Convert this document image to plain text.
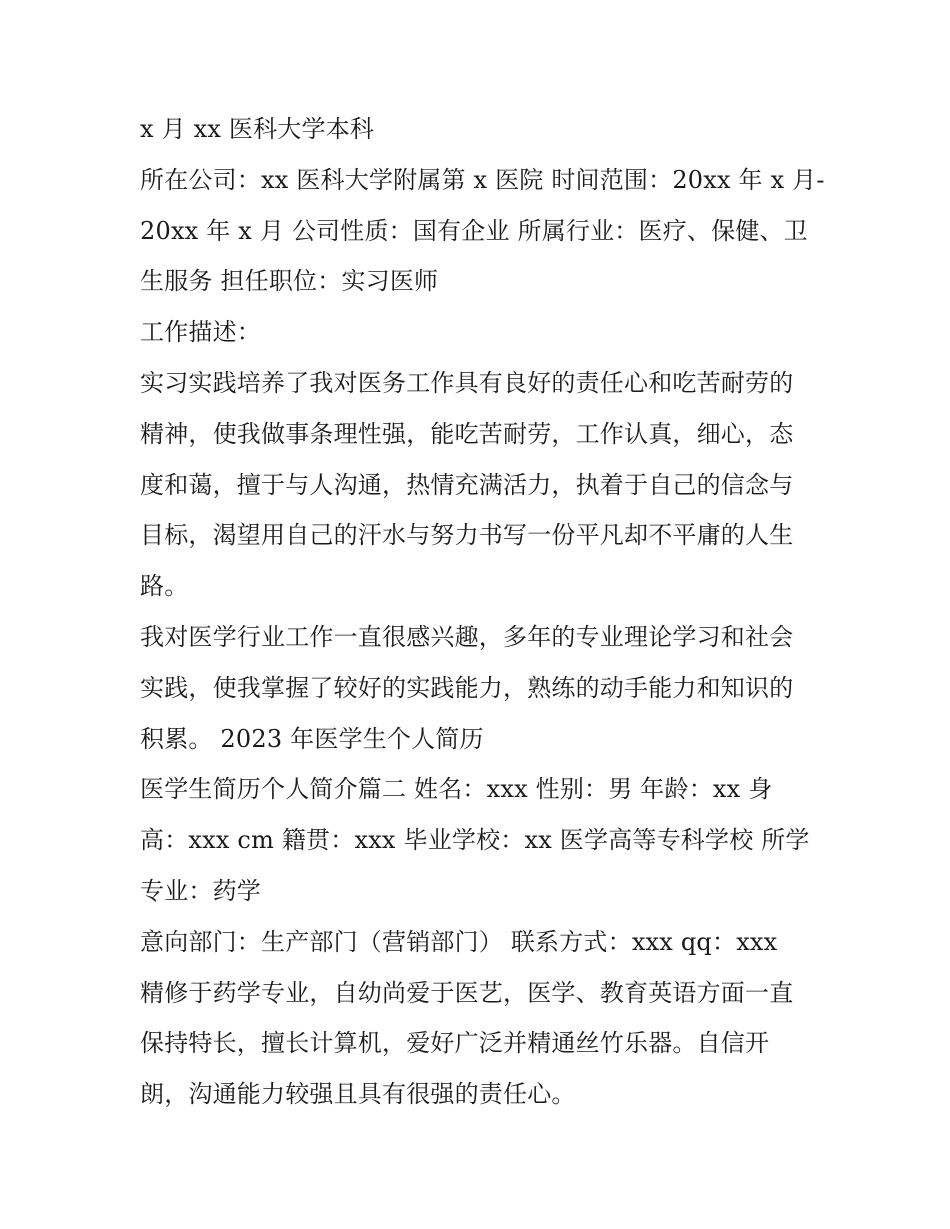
x 月 xx 医科大学本科
所在公司：xx 医科大学附属第 x 医院 时间范围：20xx 年 x 月-
20xx 年 x 月 公司性质：国有企业 所属行业：医疗、保健、卫
生服务 担任职位：实习医师
工作描述：
实习实践培养了我对医务工作具有良好的责任心和吃苦耐劳的
精神，使我做事条理性强，能吃苦耐劳，工作认真，细心，态
度和蔼，擅于与人沟通，热情充满活力，执着于自己的信念与
目标，渴望用自己的汗水与努力书写一份平凡却不平庸的人生
路。
我对医学行业工作一直很感兴趣，多年的专业理论学习和社会
实践，使我掌握了较好的实践能力，熟练的动手能力和知识的
积累。 2023 年医学生个人简历
医学生简历个人简介篇二 姓名：xxx 性别：男 年龄：xx 身
高：xxx cm 籍贯：xxx 毕业学校：xx 医学高等专科学校 所学
专业：药学
意向部门：生产部门（营销部门） 联系方式：xxx qq：xxx
精修于药学专业，自幼尚爱于医艺，医学、教育英语方面一直
保持特长，擅长计算机，爱好广泛并精通丝竹乐器。自信开
朗，沟通能力较强且具有很强的责任心。
